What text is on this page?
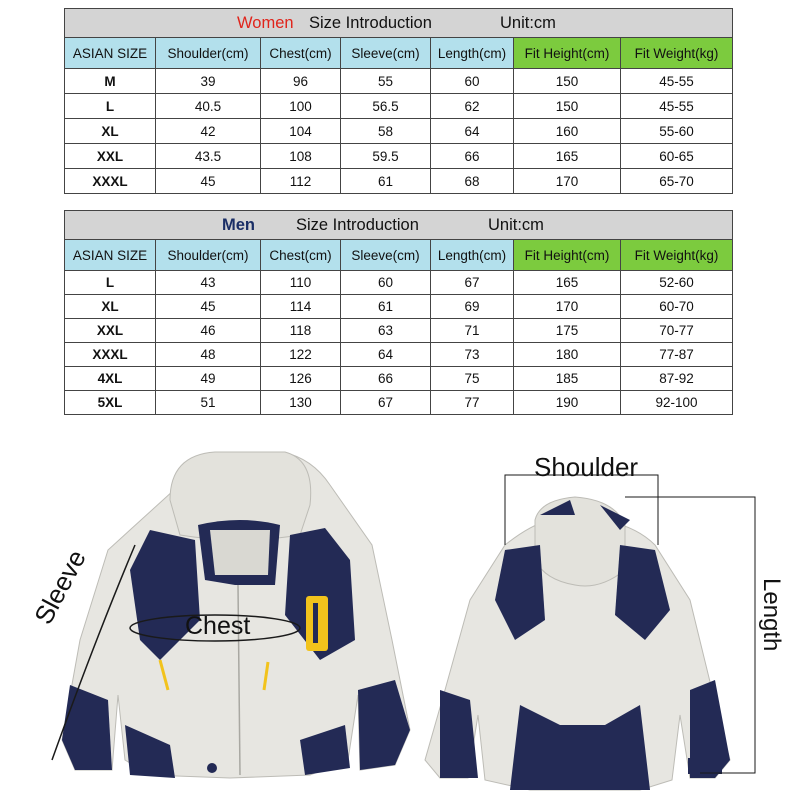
Women Size Introduction Unit:cm						

ASIAN SIZE	Shoulder(cm)	Chest(cm)	Sleeve(cm)	Length(cm)	Fit Height(cm)	Fit Weight(kg)
M	39	96	55	60	150	45-55
L	40.5	100	56.5	62	150	45-55
XL	42	104	58	64	160	55-60
XXL	43.5	108	59.5	66	165	60-65
XXXL	45	112	61	68	170	65-70
Men Size Introduction Unit:cm						

ASIAN SIZE	Shoulder(cm)	Chest(cm)	Sleeve(cm)	Length(cm)	Fit Height(cm)	Fit Weight(kg)
L	43	110	60	67	165	52-60
XL	45	114	61	69	170	60-70
XXL	46	118	63	71	175	70-77
XXXL	48	122	64	73	180	77-87
4XL	49	126	66	75	185	87-92
5XL	51	130	67	77	190	92-100
Sleeve	Chest
Shoulder
Length
